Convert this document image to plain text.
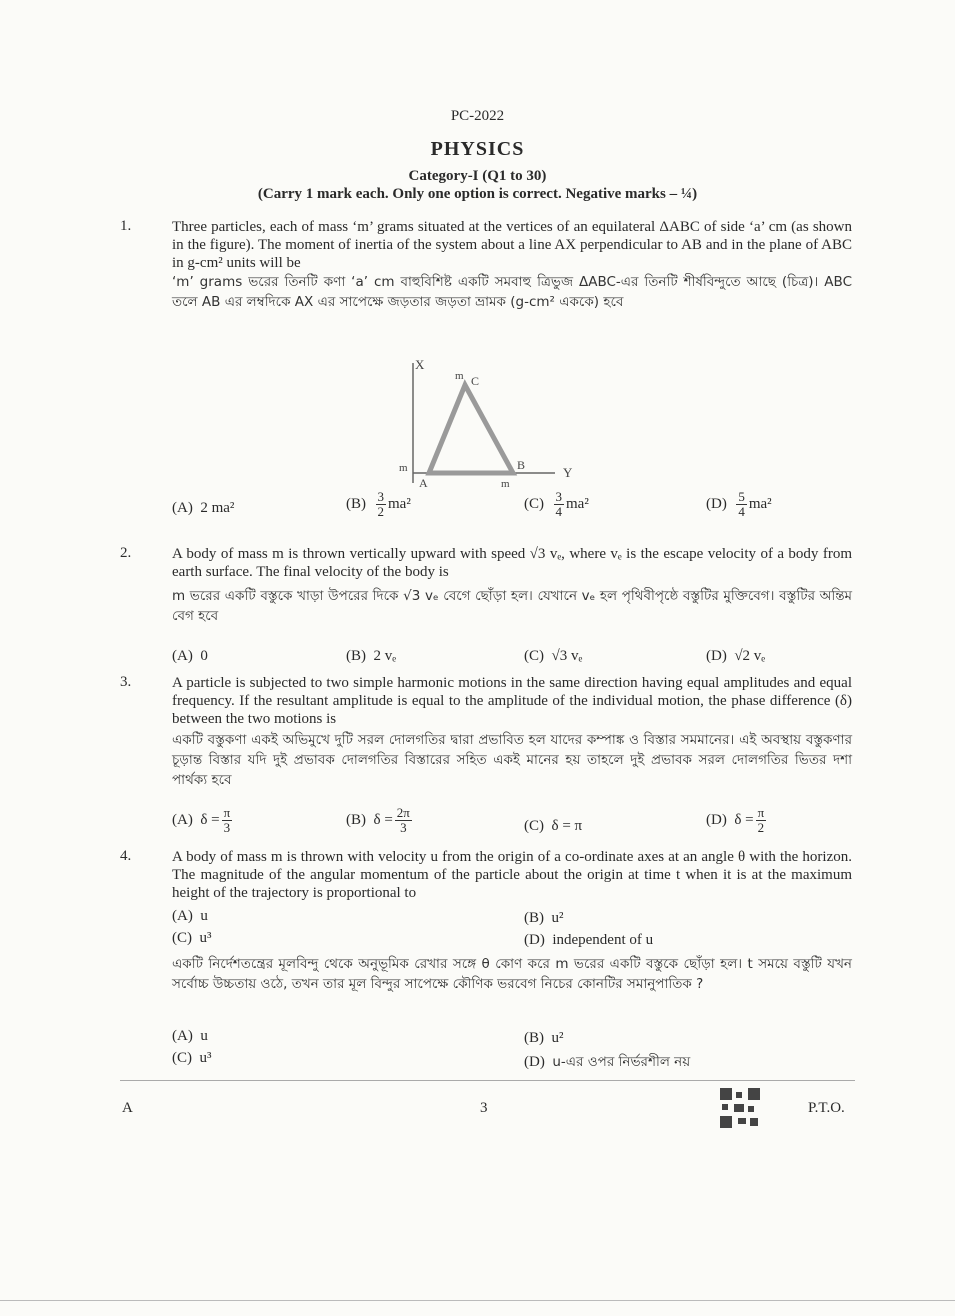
PC-2022
PHYSICS
Category-I (Q1 to 30)
(Carry 1 mark each. Only one option is correct. Negative marks – ¼)
1.	Three particles, each of mass ‘m’ grams situated at the vertices of an equilateral ΔABC of side ‘a’ cm (as shown in the figure). The moment of inertia of the system about a line AX perpendicular to AB and in the plane of ABC in g-cm² units will be
‘m’ grams ভরের তিনটি কণা ‘a’ cm বাহুবিশিষ্ট একটি সমবাহু ত্রিভুজ ΔABC-এর তিনটি শীর্ষবিন্দুতে আছে (চিত্র)। ABC তলে AB এর লম্বদিকে AX এর সাপেক্ষে জড়তার জড়তা ভ্রামক (g-cm² এককে) হবে
X
Y
A
B
C
m
m
m
(A) 2 ma²	$(B) \frac{3}{2} ma^2$	$(C) \frac{3}{4} ma^2$	$(D) \frac{5}{4} ma^2$
2.	A body of mass m is thrown vertically upward with speed √3 vₑ, where vₑ is the escape velocity of a body from earth surface. The final velocity of the body is
m ভরের একটি বস্তুকে খাড়া উপরের দিকে √3 vₑ বেগে ছোঁড়া হল। যেখানে vₑ হল পৃথিবীপৃষ্ঠে বস্তুটির মুক্তিবেগ। বস্তুটির অন্তিম বেগ হবে
(A) 0	(B) 2 vₑ	(C) √3 vₑ	(D) √2 vₑ
3.	A particle is subjected to two simple harmonic motions in the same direction having equal amplitudes and equal frequency. If the resultant amplitude is equal to the amplitude of the individual motion, the phase difference (δ) between the two motions is
একটি বস্তুকণা একই অভিমুখে দুটি সরল দোলগতির দ্বারা প্রভাবিত হল যাদের কম্পাঙ্ক ও বিস্তার সমমানের। এই অবস্থায় বস্তুকণার চূড়ান্ত বিস্তার যদি দুই প্রভাবক দোলগতির বিস্তারের সহিত একই মানের হয় তাহলে দুই প্রভাবক সরল দোলগতির ভিতর দশা পার্থক্য হবে
(A) $\delta = \frac{\pi}{3}$	(B) $\delta = \frac{2\pi}{3}$	(C) δ = π	(D) $\delta = \frac{\pi}{2}$
4.	A body of mass m is thrown with velocity u from the origin of a co-ordinate axes at an angle θ with the horizon. The magnitude of the angular momentum of the particle about the origin at time t when it is at the maximum height of the trajectory is proportional to
(A) u	(B) u²
(C) u³	(D) independent of u
একটি নির্দেশতন্ত্রের মূলবিন্দু থেকে অনুভূমিক রেখার সঙ্গে θ কোণ করে m ভরের একটি বস্তুকে ছোঁড়া হল। t সময়ে বস্তুটি যখন সর্বোচ্চ উচ্চতায় ওঠে, তখন তার মূল বিন্দুর সাপেক্ষে কৌণিক ভরবেগ নিচের কোনটির সমানুপাতিক ?
(A) u	(B) u²
(C) u³	(D) u-এর ওপর নির্ভরশীল নয়
A	3	P.T.O.
